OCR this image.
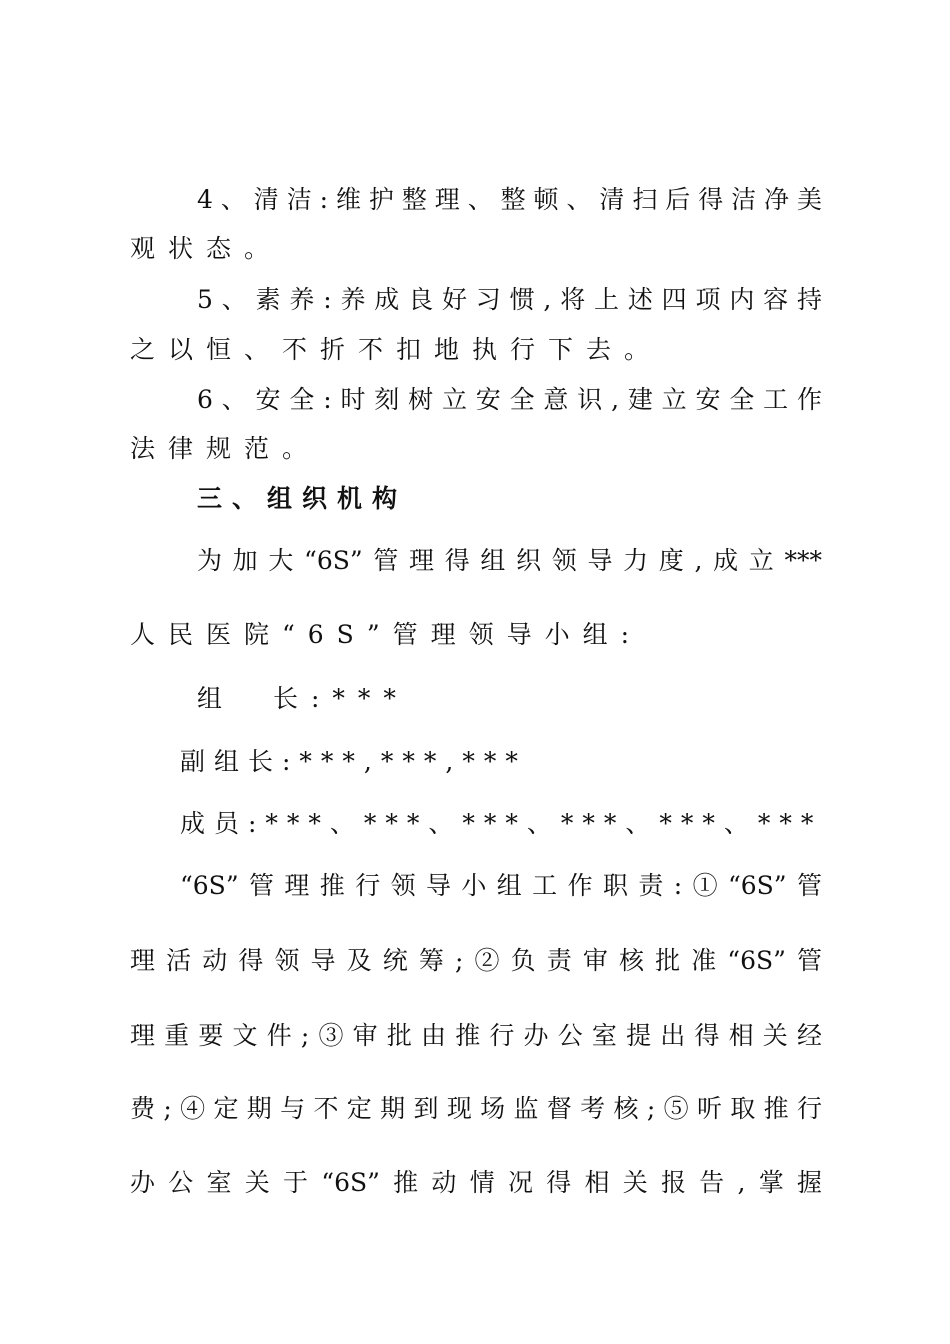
4、清洁:维护整理、整顿、清扫后得洁净美
观状态。
5、素养:养成良好习惯,将上述四项内容持
之以恒、不折不扣地执行下去。
6、安全:时刻树立安全意识,建立安全工作
法律规范。
三、组织机构
为加大“6S”管理得组织领导力度,成立***
人民医院“6S”管理领导小组:
组　长:***
副组长:***,***,***
成员:***、***、***、***、***、***
“6S”管理推行领导小组工作职责:①“6S”管
理活动得领导及统筹;②负责审核批准“6S”管
理重要文件;③审批由推行办公室提出得相关经
费;④定期与不定期到现场监督考核;⑤听取推行
办公室关于“6S”推动情况得相关报告,掌握
